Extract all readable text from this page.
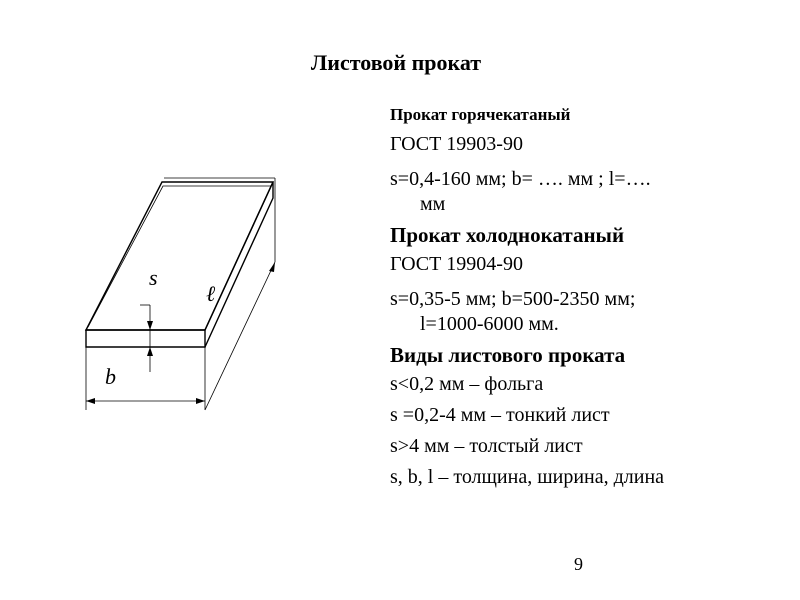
Листовой прокат
s
ℓ
b
Прокат горячекатаный
ГОСТ 19903-90
s=0,4-160 мм; b= …. мм ; l=….
мм
Прокат холоднокатаный
ГОСТ 19904-90
s=0,35-5 мм; b=500-2350 мм;
l=1000-6000 мм.
Виды листового проката
s<0,2 мм – фольга
s =0,2-4 мм – тонкий лист
s>4 мм – толстый лист
s, b, l – толщина, ширина, длина
9
